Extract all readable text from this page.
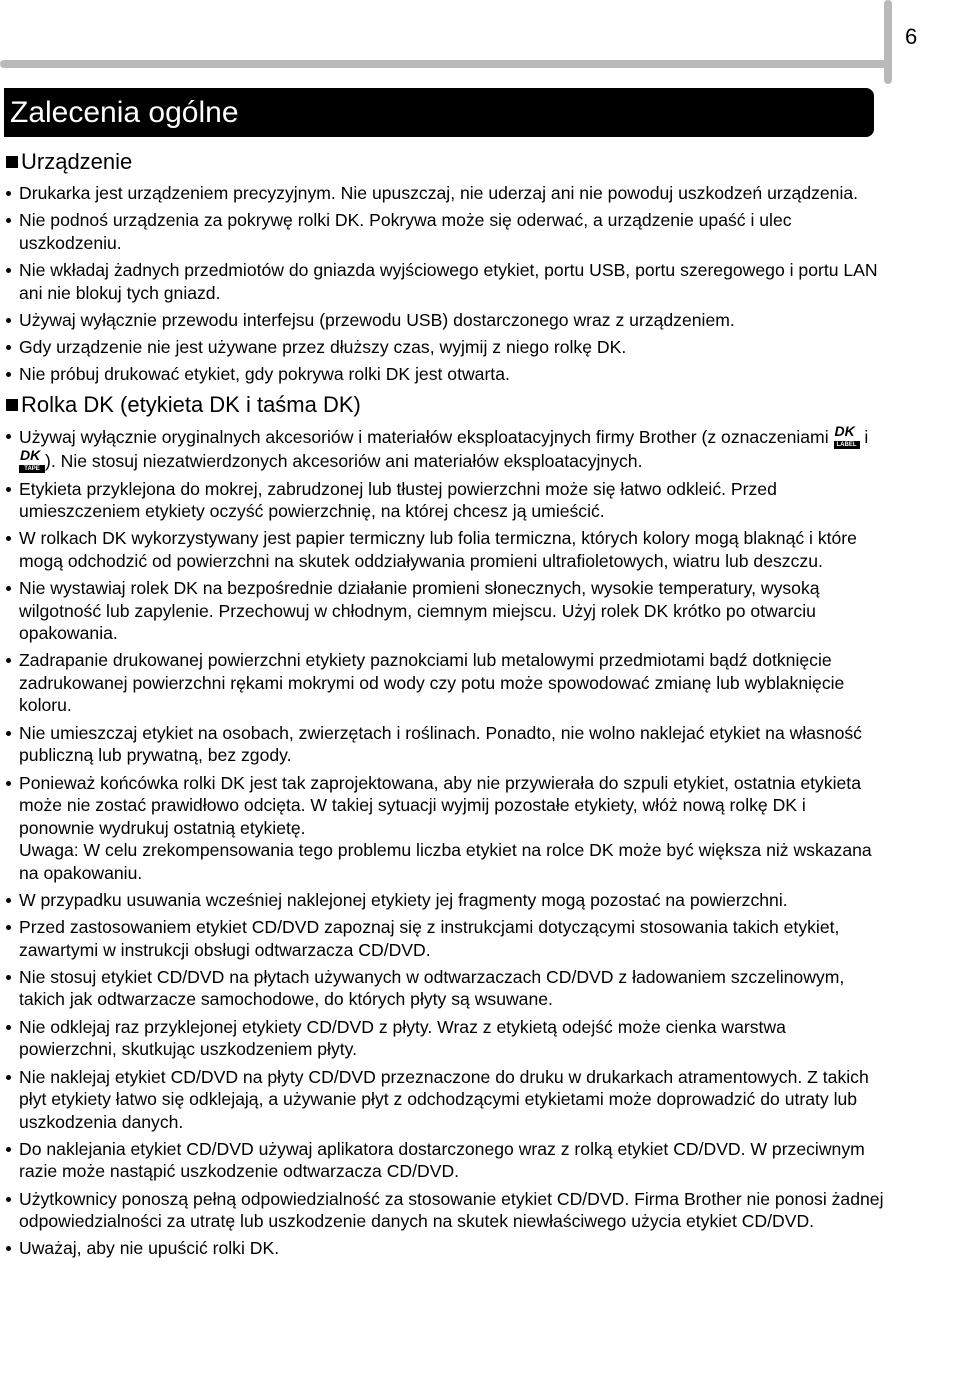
6
Zalecenia ogólne
Urządzenie
Drukarka jest urządzeniem precyzyjnym. Nie upuszczaj, nie uderzaj ani nie powoduj uszkodzeń urządzenia.
Nie podnoś urządzenia za pokrywę rolki DK. Pokrywa może się oderwać, a urządzenie upaść i ulec uszkodzeniu.
Nie wkładaj żadnych przedmiotów do gniazda wyjściowego etykiet, portu USB, portu szeregowego i portu LAN ani nie blokuj tych gniazd.
Używaj wyłącznie przewodu interfejsu (przewodu USB) dostarczonego wraz z urządzeniem.
Gdy urządzenie nie jest używane przez dłuższy czas, wyjmij z niego rolkę DK.
Nie próbuj drukować etykiet, gdy pokrywa rolki DK jest otwarta.
Rolka DK (etykieta DK i taśma DK)
Używaj wyłącznie oryginalnych akcesoriów i materiałów eksploatacyjnych firmy Brother (z oznaczeniami DK
LABEL i
DK
TAPE ). Nie stosuj niezatwierdzonych akcesoriów ani materiałów eksploatacyjnych.
Etykieta przyklejona do mokrej, zabrudzonej lub tłustej powierzchni może się łatwo odkleić. Przed umieszczeniem etykiety oczyść powierzchnię, na której chcesz ją umieścić.
W rolkach DK wykorzystywany jest papier termiczny lub folia termiczna, których kolory mogą blaknąć i które mogą odchodzić od powierzchni na skutek oddziaływania promieni ultrafioletowych, wiatru lub deszczu.
Nie wystawiaj rolek DK na bezpośrednie działanie promieni słonecznych, wysokie temperatury, wysoką wilgotność lub zapylenie. Przechowuj w chłodnym, ciemnym miejscu. Użyj rolek DK krótko po otwarciu opakowania.
Zadrapanie drukowanej powierzchni etykiety paznokciami lub metalowymi przedmiotami bądź dotknięcie zadrukowanej powierzchni rękami mokrymi od wody czy potu może spowodować zmianę lub wyblaknięcie koloru.
Nie umieszczaj etykiet na osobach, zwierzętach i roślinach. Ponadto, nie wolno naklejać etykiet na własność publiczną lub prywatną, bez zgody.
Ponieważ końcówka rolki DK jest tak zaprojektowana, aby nie przywierała do szpuli etykiet, ostatnia etykieta może nie zostać prawidłowo odcięta. W takiej sytuacji wyjmij pozostałe etykiety, włóż nową rolkę DK i ponownie wydrukuj ostatnią etykietę.
Uwaga: W celu zrekompensowania tego problemu liczba etykiet na rolce DK może być większa niż wskazana na opakowaniu.
W przypadku usuwania wcześniej naklejonej etykiety jej fragmenty mogą pozostać na powierzchni.
Przed zastosowaniem etykiet CD/DVD zapoznaj się z instrukcjami dotyczącymi stosowania takich etykiet, zawartymi w instrukcji obsługi odtwarzacza CD/DVD.
Nie stosuj etykiet CD/DVD na płytach używanych w odtwarzaczach CD/DVD z ładowaniem szczelinowym, takich jak odtwarzacze samochodowe, do których płyty są wsuwane.
Nie odklejaj raz przyklejonej etykiety CD/DVD z płyty. Wraz z etykietą odejść może cienka warstwa powierzchni, skutkując uszkodzeniem płyty.
Nie naklejaj etykiet CD/DVD na płyty CD/DVD przeznaczone do druku w drukarkach atramentowych. Z takich płyt etykiety łatwo się odklejają, a używanie płyt z odchodzącymi etykietami może doprowadzić do utraty lub uszkodzenia danych.
Do naklejania etykiet CD/DVD używaj aplikatora dostarczonego wraz z rolką etykiet CD/DVD. W przeciwnym razie może nastąpić uszkodzenie odtwarzacza CD/DVD.
Użytkownicy ponoszą pełną odpowiedzialność za stosowanie etykiet CD/DVD. Firma Brother nie ponosi żadnej odpowiedzialności za utratę lub uszkodzenie danych na skutek niewłaściwego użycia etykiet CD/DVD.
Uważaj, aby nie upuścić rolki DK.
